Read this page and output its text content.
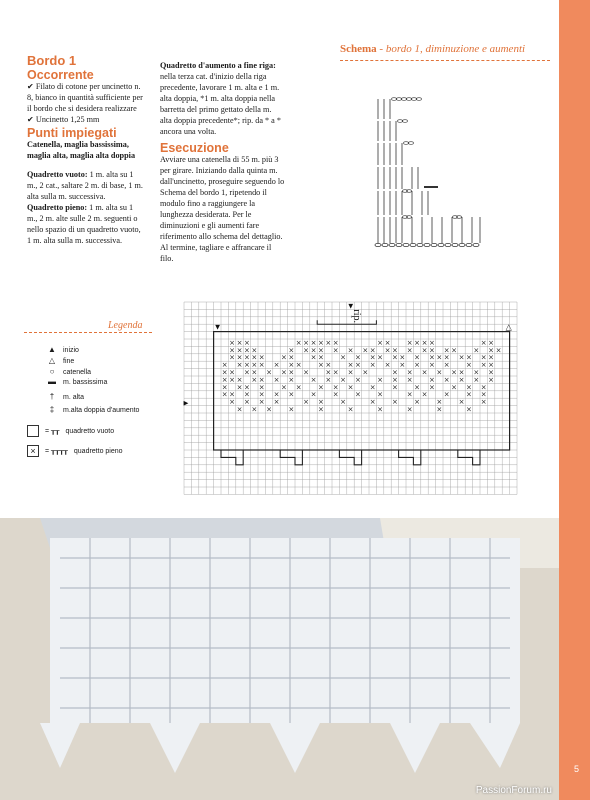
5
Bordo 1
Occorrente

✔ Filato di cotone per uncinetto n. 8, bianco in quantità sufficiente per il bordo che si desidera realizzare

✔ Uncinetto 1,25 mm

Punti impiegati

Catenella, maglia bassissima, maglia alta, maglia alta doppia

Quadretto vuoto: 1 m. alta su 1 m., 2 cat., saltare 2 m. di base, 1 m. alta sulla m. successiva.

Quadretto pieno: 1 m. alta su 1 m., 2 m. alte sulle 2 m. seguenti o nello spazio di un quadretto vuoto, 1 m. alta sulla m. successiva.

Quadretto d'aumento a fine riga: nella terza cat. d'inizio della riga precedente, lavorare 1 m. alta e 1 m. alta doppia, *1 m. alta doppia nella barretta del primo gettato della m. alta doppia precedente*; rip. da * a * ancora una volta.

Esecuzione

Avviare una catenella di 55 m. più 3 per girare. Iniziando dalla quinta m. dall'uncinetto, proseguire seguendo lo Schema del bordo 1, ripetendo il modulo fino a raggiungere la lunghezza desiderata. Per le diminuzioni e gli aumenti fare riferimento allo schema del dettaglio.

Al termine, tagliare e affrancare il filo.

Schema - bordo 1, diminuzione e aumenti
Legenda
▲ inizio
△ fine
○ catenella
▬ m. bassissima
† m. alta
‡ m.alta doppia d'aumento
= ┰┰ quadretto vuoto
× = ┰┰┰┰ quadretto pieno
× × ×	× × × × × ×	× × × × × ×	× ×
× × × ×	× × × × × × × × × × × × × × × × × ×
× × × × × × × × × × × × × × × × × × × × × × ×
× × × × × × × × × × × × × × × × × × × × ×
× × × × × × × × × × × ×	× × × × × × × ×
× × × × × × × × × × × × × × × × × × ×
× × × × × × × × × × × × × × × ×
× × × × × × × × × ×	× × × × ×
× × × ×	× × ×	× × × × × ×
× × × ×	×	×	×	×	×	×
rip.
▼	△
►
▼
PassionForum.ru
